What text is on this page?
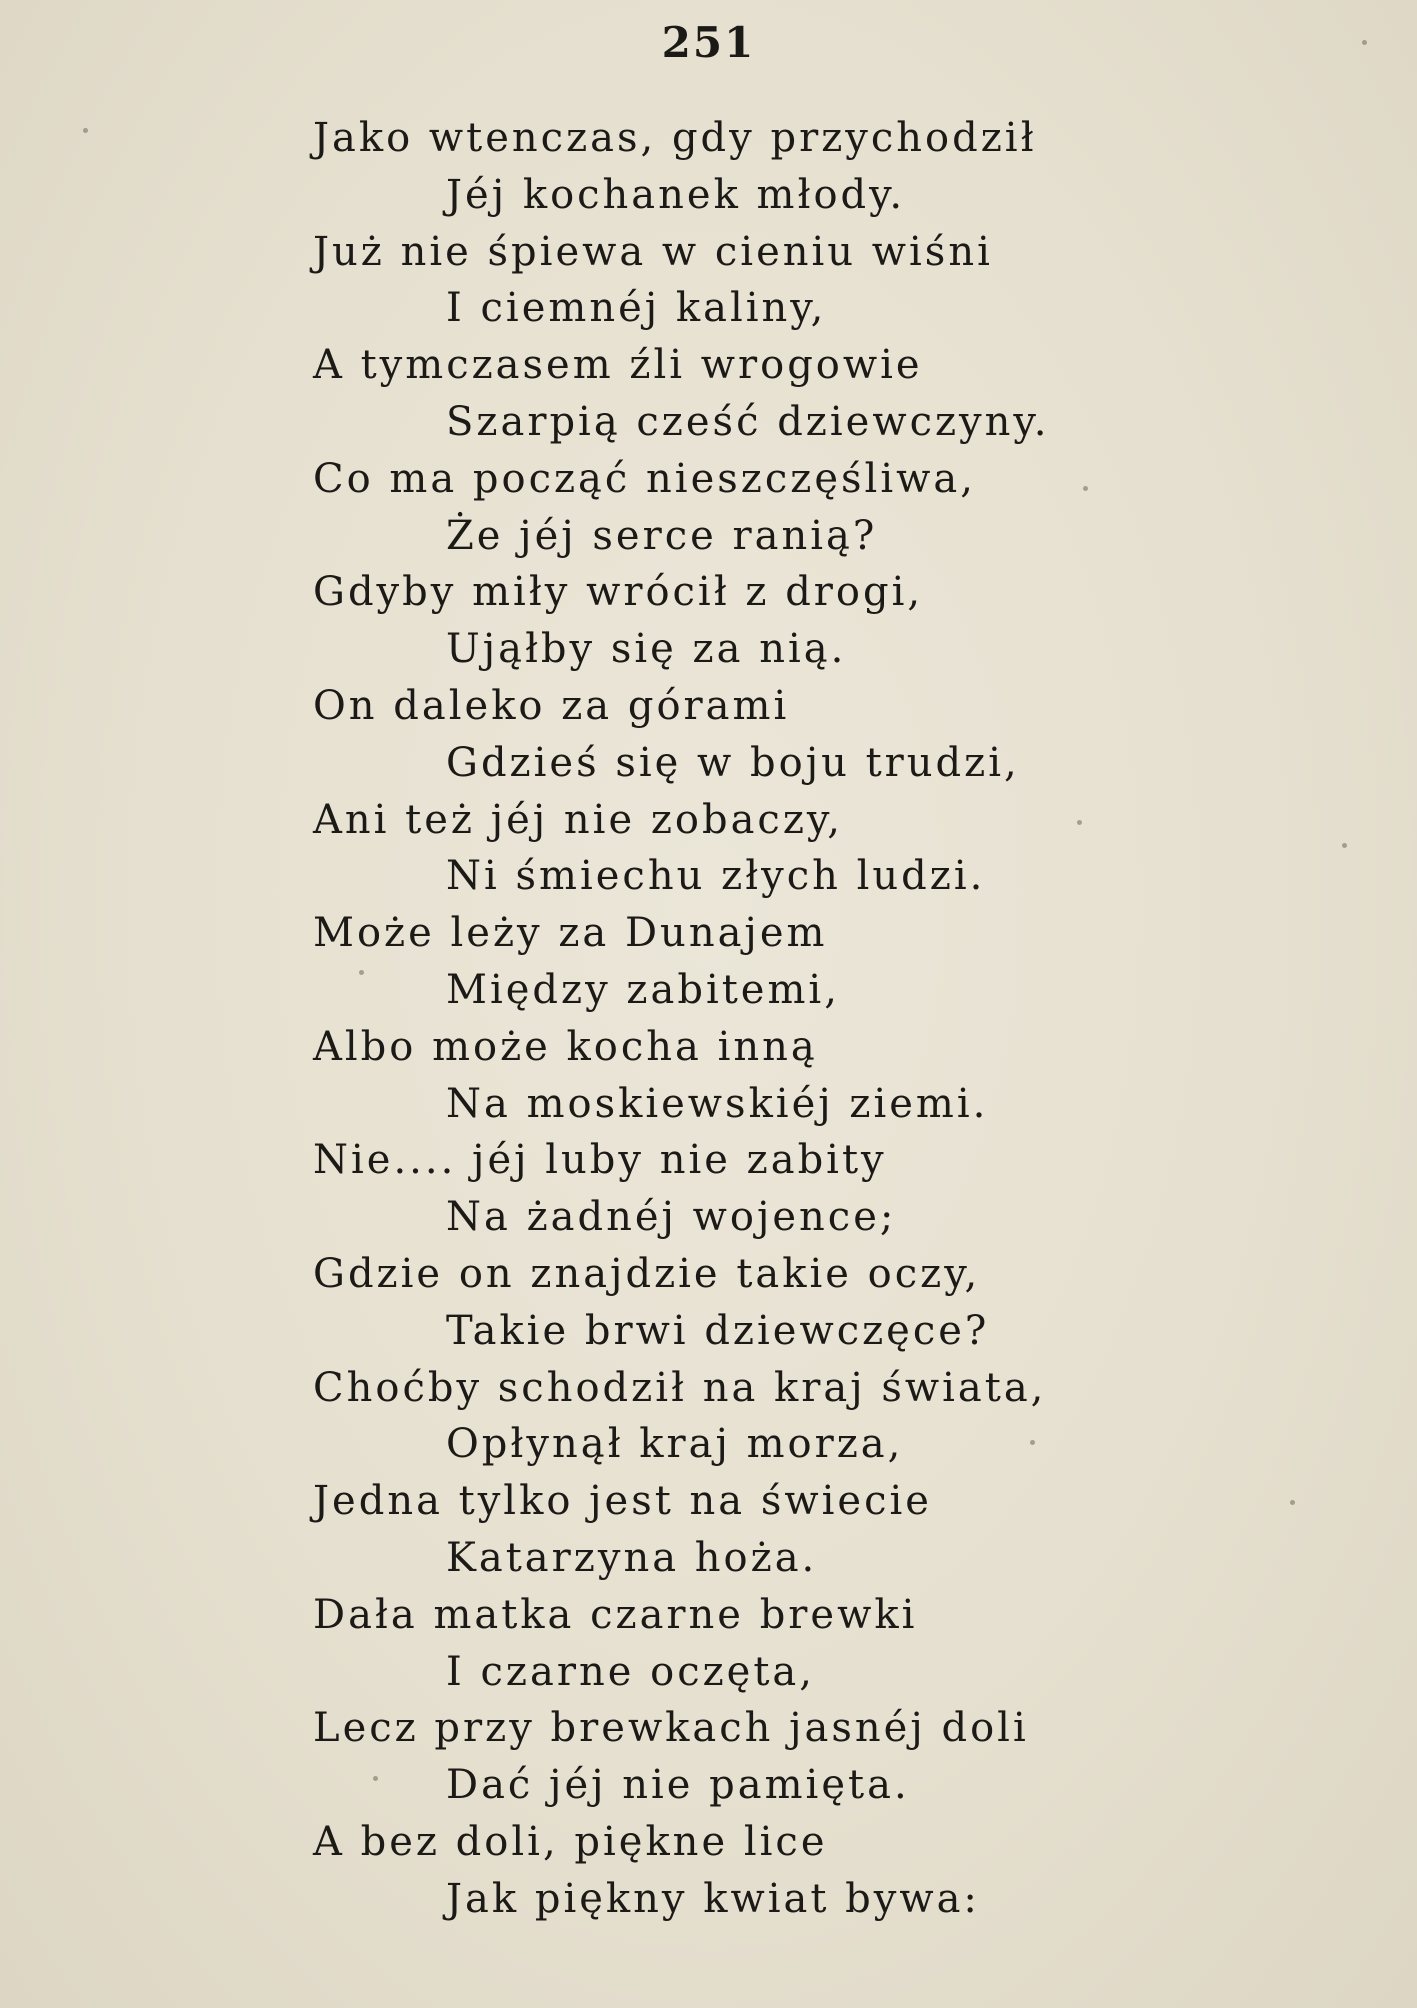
251
Jako wtenczas, gdy przychodził
Jéj kochanek młody.
Już nie śpiewa w cieniu wiśni
I ciemnéj kaliny,
A tymczasem źli wrogowie
Szarpią cześć dziewczyny.
Co ma począć nieszczęśliwa,
Że jéj serce ranią?
Gdyby miły wrócił z drogi,
Ująłby się za nią.
On daleko za górami
Gdzieś się w boju trudzi,
Ani też jéj nie zobaczy,
Ni śmiechu złych ludzi.
Może leży za Dunajem
Między zabitemi,
Albo może kocha inną
Na moskiewskiéj ziemi.
Nie.... jéj luby nie zabity
Na żadnéj wojence;
Gdzie on znajdzie takie oczy,
Takie brwi dziewczęce?
Choćby schodził na kraj świata,
Opłynął kraj morza,
Jedna tylko jest na świecie
Katarzyna hoża.
Dała matka czarne brewki
I czarne oczęta,
Lecz przy brewkach jasnéj doli
Dać jéj nie pamięta.
A bez doli, piękne lice
Jak piękny kwiat bywa:
